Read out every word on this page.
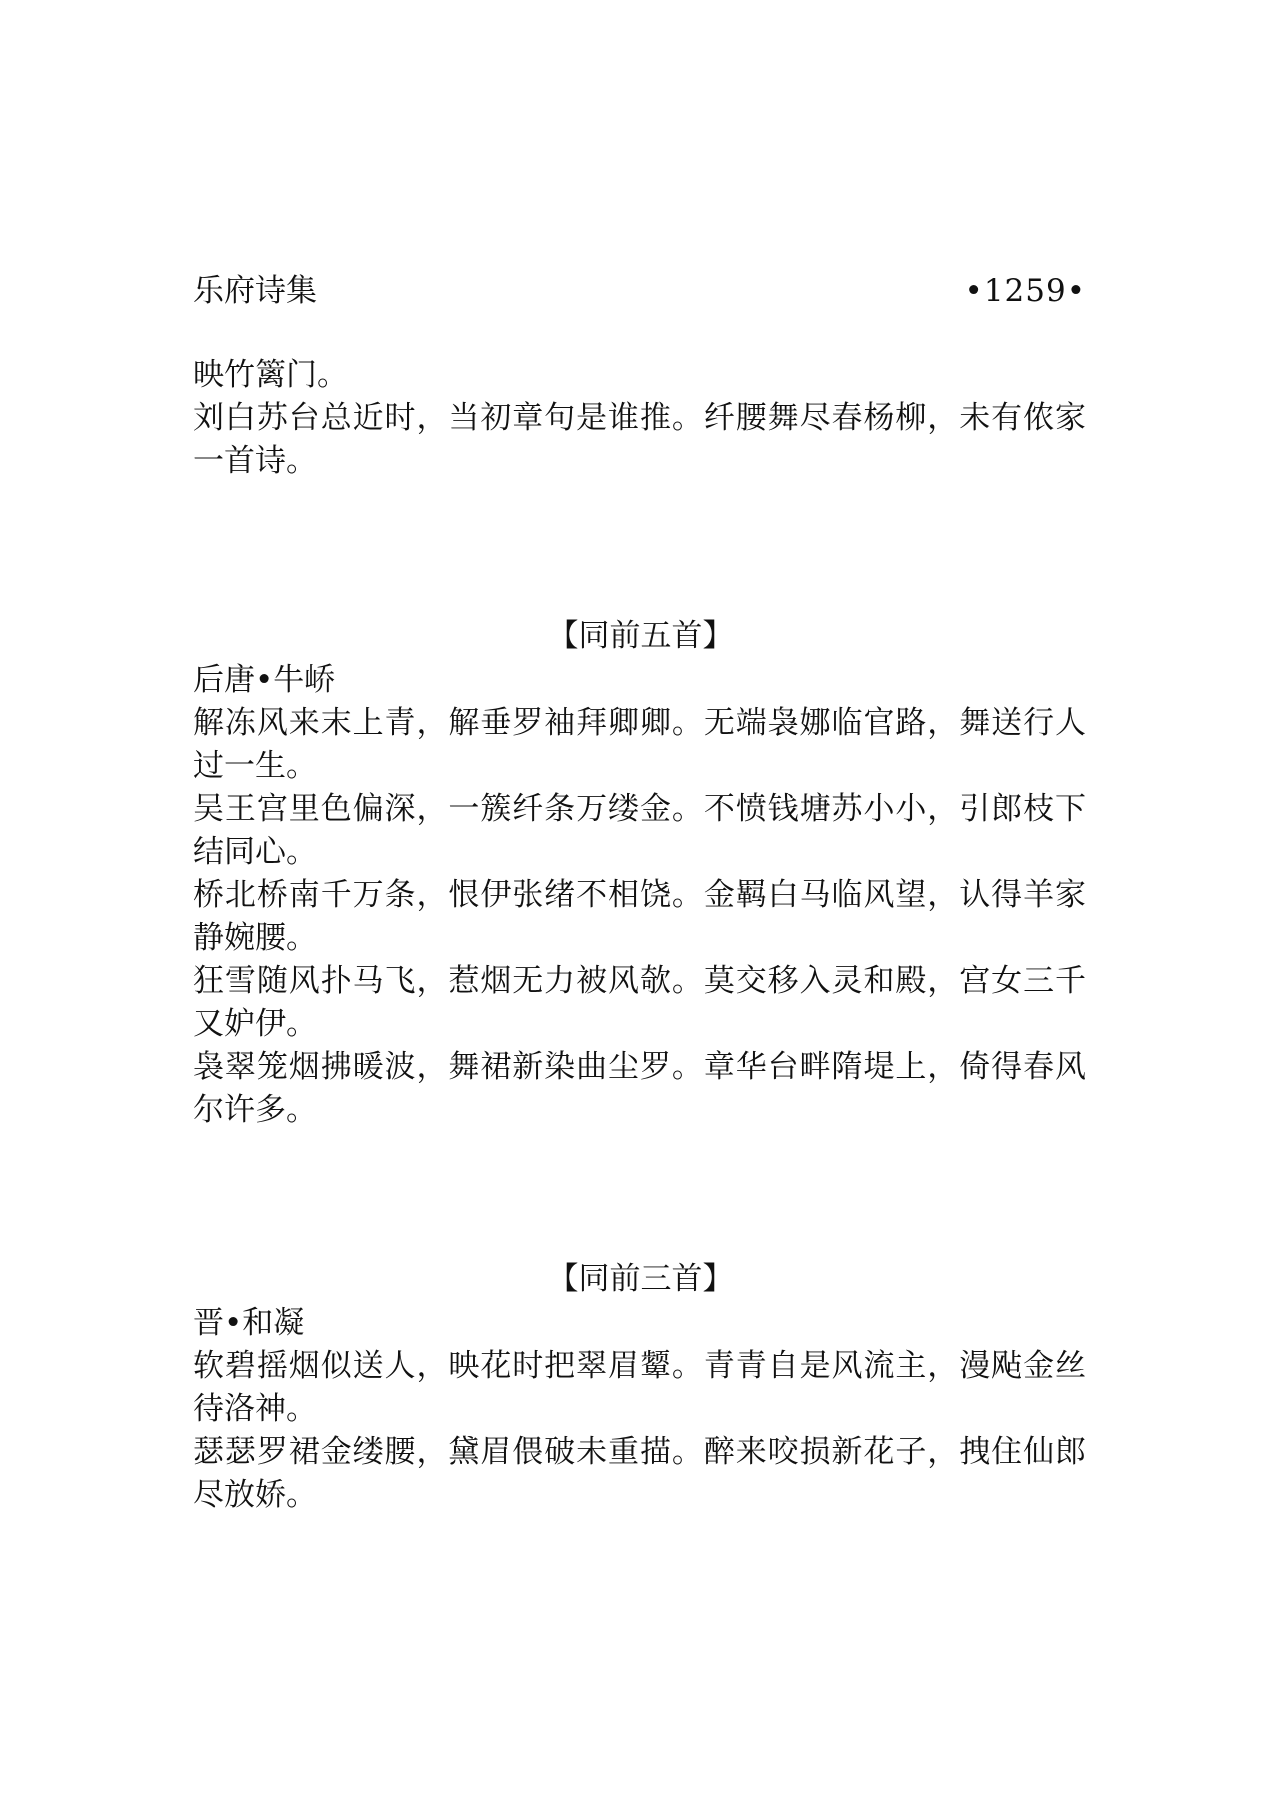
乐府诗集	•1259•

映竹篱门。

刘白苏台总近时，当初章句是谁推。纤腰舞尽春杨柳，未有侬家一首诗。

【同前五首】

后唐•牛峤

解冻风来末上青，解垂罗袖拜卿卿。无端袅娜临官路，舞送行人过一生。

吴王宫里色偏深，一簇纤条万缕金。不愤钱塘苏小小，引郎枝下结同心。

桥北桥南千万条，恨伊张绪不相饶。金羁白马临风望，认得羊家静婉腰。

狂雪随风扑马飞，惹烟无力被风欹。莫交移入灵和殿，宫女三千又妒伊。

袅翠笼烟拂暖波，舞裙新染曲尘罗。章华台畔隋堤上，倚得春风尔许多。

【同前三首】

晋•和凝

软碧摇烟似送人，映花时把翠眉颦。青青自是风流主，漫飐金丝待洛神。

瑟瑟罗裙金缕腰，黛眉偎破未重描。醉来咬损新花子，拽住仙郎尽放娇。
